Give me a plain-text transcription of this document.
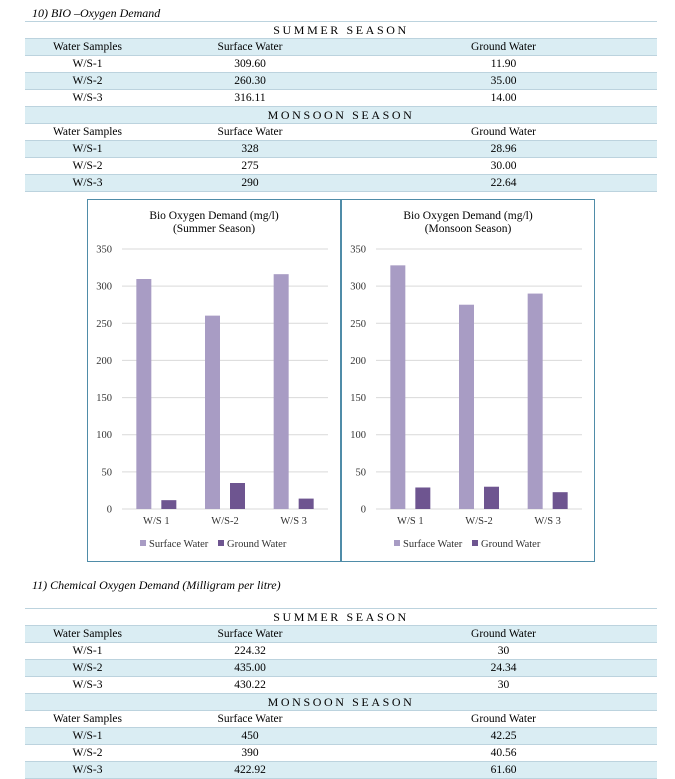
10) BIO –Oxygen Demand
SUMMER SEASON		
Water Samples	Surface Water	Ground Water
W/S-1	309.60	11.90
W/S-2	260.30	35.00
W/S-3	316.11	14.00
MONSOON SEASON		
Water Samples	Surface Water	Ground Water
W/S-1	328	28.96
W/S-2	275	30.00
W/S-3	290	22.64
Bio Oxygen Demand (mg/l)
(Summer Season)
0
50
100
150
200
250
300
350
W/S 1	W/S-2	W/S 3
Surface Water Ground Water
Bio Oxygen Demand (mg/l)
(Monsoon Season)
0
50
100
150
200
250
300
350
W/S 1	W/S-2	W/S 3
Surface Water Ground Water
11) Chemical Oxygen Demand (Milligram per litre)
SUMMER SEASON		
Water Samples	Surface Water	Ground Water
W/S-1	224.32	30
W/S-2	435.00	24.34
W/S-3	430.22	30
MONSOON SEASON		
Water Samples	Surface Water	Ground Water
W/S-1	450	42.25
W/S-2	390	40.56
W/S-3	422.92	61.60
